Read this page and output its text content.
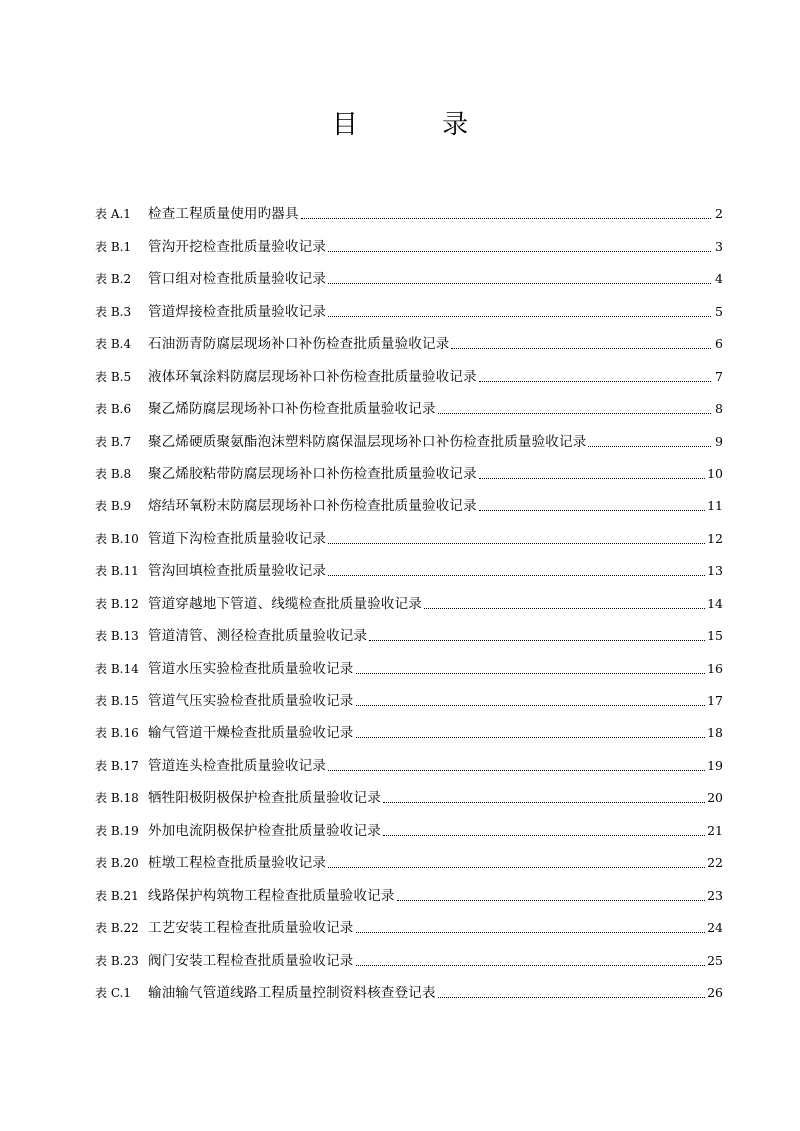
目 录
表 A.1	检查工程质量使用旳器具	2
表 B.1	管沟开挖检查批质量验收记录	3
表 B.2	管口组对检查批质量验收记录	4
表 B.3	管道焊接检查批质量验收记录	5
表 B.4	石油沥青防腐层现场补口补伤检查批质量验收记录	6
表 B.5	液体环氧涂料防腐层现场补口补伤检查批质量验收记录	7
表 B.6	聚乙烯防腐层现场补口补伤检查批质量验收记录	8
表 B.7	聚乙烯硬质聚氨酯泡沫塑料防腐保温层现场补口补伤检查批质量验收记录	9
表 B.8	聚乙烯胶粘带防腐层现场补口补伤检查批质量验收记录	10
表 B.9	熔结环氧粉末防腐层现场补口补伤检查批质量验收记录	11
表 B.10 管道下沟检查批质量验收记录	12
表 B.11 管沟回填检查批质量验收记录	13
表 B.12 管道穿越地下管道、线缆检查批质量验收记录	14
表 B.13 管道清管、测径检查批质量验收记录	15
表 B.14 管道水压实验检查批质量验收记录	16
表 B.15 管道气压实验检查批质量验收记录	17
表 B.16 输气管道干燥检查批质量验收记录	18
表 B.17 管道连头检查批质量验收记录	19
表 B.18 牺牲阳极阴极保护检查批质量验收记录	20
表 B.19 外加电流阴极保护检查批质量验收记录	21
表 B.20 桩墩工程检查批质量验收记录	22
表 B.21 线路保护构筑物工程检查批质量验收记录	23
表 B.22 工艺安装工程检查批质量验收记录	24
表 B.23 阀门安装工程检查批质量验收记录	25
表 C.1	输油输气管道线路工程质量控制资料核查登记表	26
